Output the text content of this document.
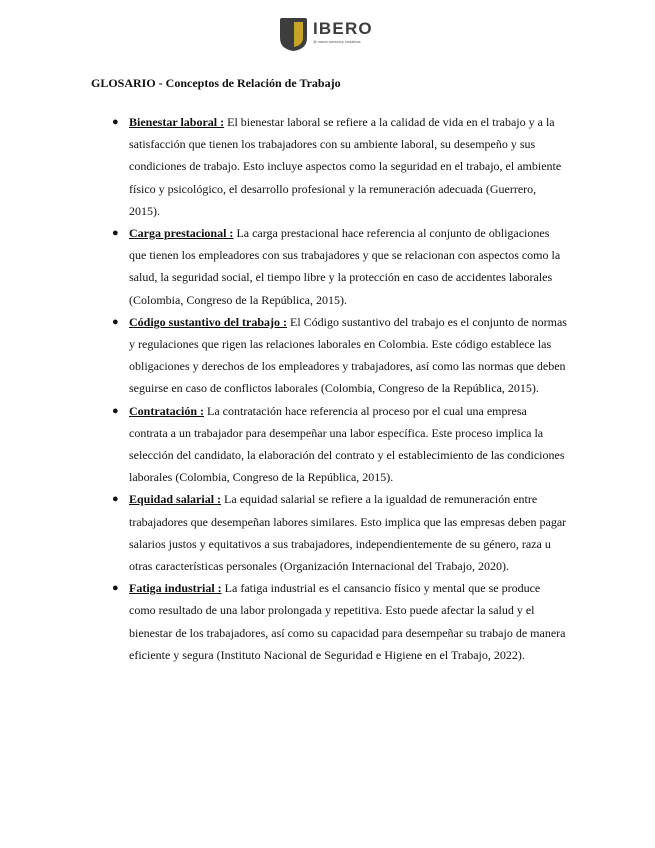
IBERO
@ marca comunicy Iniciativas
GLOSARIO - Conceptos de Relación de Trabajo
● Bienestar laboral : El bienestar laboral se refiere a la calidad de vida en el trabajo y a la satisfacción que tienen los trabajadores con su ambiente laboral, su desempeño y sus condiciones de trabajo. Esto incluye aspectos como la seguridad en el trabajo, el ambiente físico y psicológico, el desarrollo profesional y la remuneración adecuada (Guerrero, 2015).
● Carga prestacional : La carga prestacional hace referencia al conjunto de obligaciones que tienen los empleadores con sus trabajadores y que se relacionan con aspectos como la salud, la seguridad social, el tiempo libre y la protección en caso de accidentes laborales (Colombia, Congreso de la República, 2015).
● Código sustantivo del trabajo : El Código sustantivo del trabajo es el conjunto de normas y regulaciones que rigen las relaciones laborales en Colombia. Este código establece las obligaciones y derechos de los empleadores y trabajadores, así como las normas que deben seguirse en caso de conflictos laborales (Colombia, Congreso de la República, 2015).
● Contratación : La contratación hace referencia al proceso por el cual una empresa contrata a un trabajador para desempeñar una labor específica. Este proceso implica la selección del candidato, la elaboración del contrato y el establecimiento de las condiciones laborales (Colombia, Congreso de la República, 2015).
● Equidad salarial : La equidad salarial se refiere a la igualdad de remuneración entre trabajadores que desempeñan labores similares. Esto implica que las empresas deben pagar salarios justos y equitativos a sus trabajadores, independientemente de su género, raza u otras características personales (Organización Internacional del Trabajo, 2020).
● Fatiga industrial : La fatiga industrial es el cansancio físico y mental que se produce como resultado de una labor prolongada y repetitiva. Esto puede afectar la salud y el bienestar de los trabajadores, así como su capacidad para desempeñar su trabajo de manera eficiente y segura (Instituto Nacional de Seguridad e Higiene en el Trabajo, 2022).
